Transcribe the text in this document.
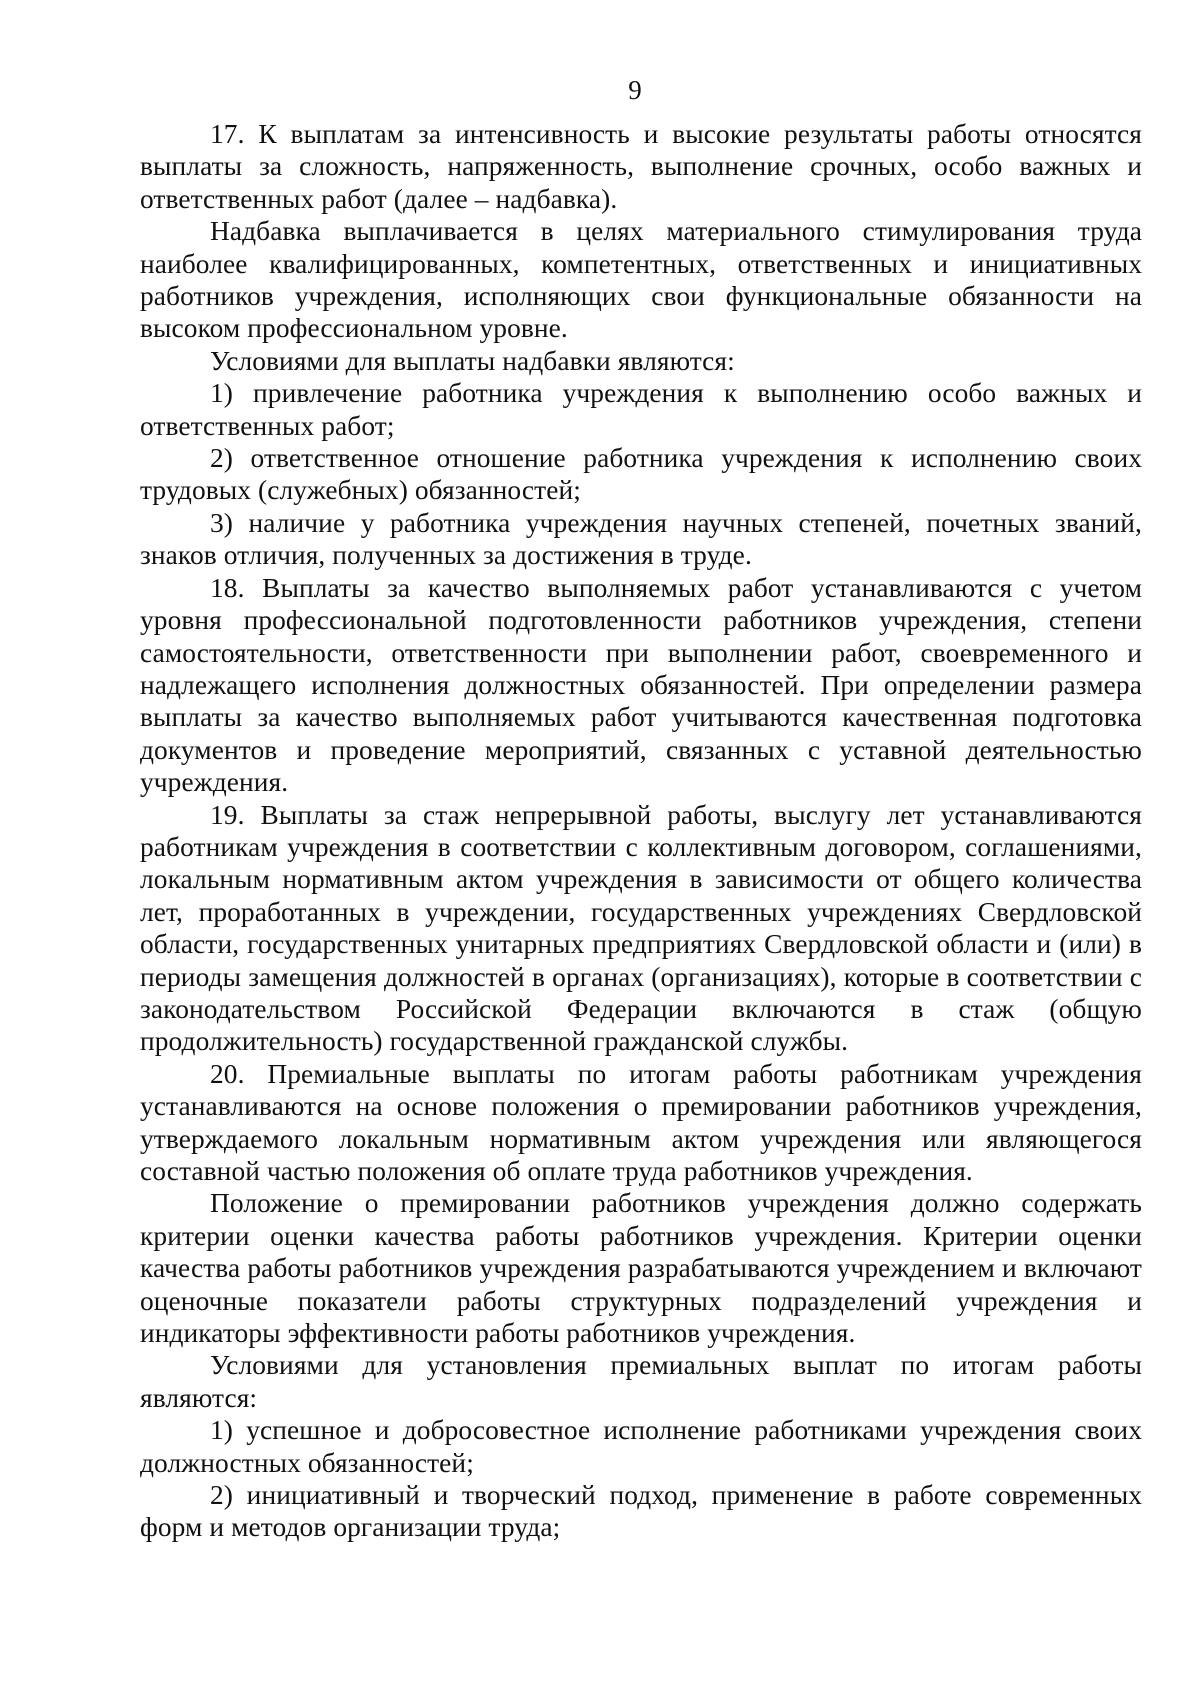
9

17. К выплатам за интенсивность и высокие результаты работы относятся выплаты за сложность, напряженность, выполнение срочных, особо важных и ответственных работ (далее – надбавка).

Надбавка выплачивается в целях материального стимулирования труда наиболее квалифицированных, компетентных, ответственных и инициативных работников учреждения, исполняющих свои функциональные обязанности на высоком профессиональном уровне.

Условиями для выплаты надбавки являются:

1) привлечение работника учреждения к выполнению особо важных и ответственных работ;

2) ответственное отношение работника учреждения к исполнению своих трудовых (служебных) обязанностей;

3) наличие у работника учреждения научных степеней, почетных званий, знаков отличия, полученных за достижения в труде.

18. Выплаты за качество выполняемых работ устанавливаются с учетом уровня профессиональной подготовленности работников учреждения, степени самостоятельности, ответственности при выполнении работ, своевременного и надлежащего исполнения должностных обязанностей. При определении размера выплаты за качество выполняемых работ учитываются качественная подготовка документов и проведение мероприятий, связанных с уставной деятельностью учреждения.

19. Выплаты за стаж непрерывной работы, выслугу лет устанавливаются работникам учреждения в соответствии с коллективным договором, соглашениями, локальным нормативным актом учреждения в зависимости от общего количества лет, проработанных в учреждении, государственных учреждениях Свердловской области, государственных унитарных предприятиях Свердловской области и (или) в периоды замещения должностей в органах (организациях), которые в соответствии с законодательством Российской Федерации включаются в стаж (общую продолжительность) государственной гражданской службы.

20. Премиальные выплаты по итогам работы работникам учреждения устанавливаются на основе положения о премировании работников учреждения, утверждаемого локальным нормативным актом учреждения или являющегося составной частью положения об оплате труда работников учреждения.

Положение о премировании работников учреждения должно содержать критерии оценки качества работы работников учреждения. Критерии оценки качества работы работников учреждения разрабатываются учреждением и включают оценочные показатели работы структурных подразделений учреждения и индикаторы эффективности работы работников учреждения.

Условиями для установления премиальных выплат по итогам работы являются:

1) успешное и добросовестное исполнение работниками учреждения своих должностных обязанностей;

2) инициативный и творческий подход, применение в работе современных форм и методов организации труда;
